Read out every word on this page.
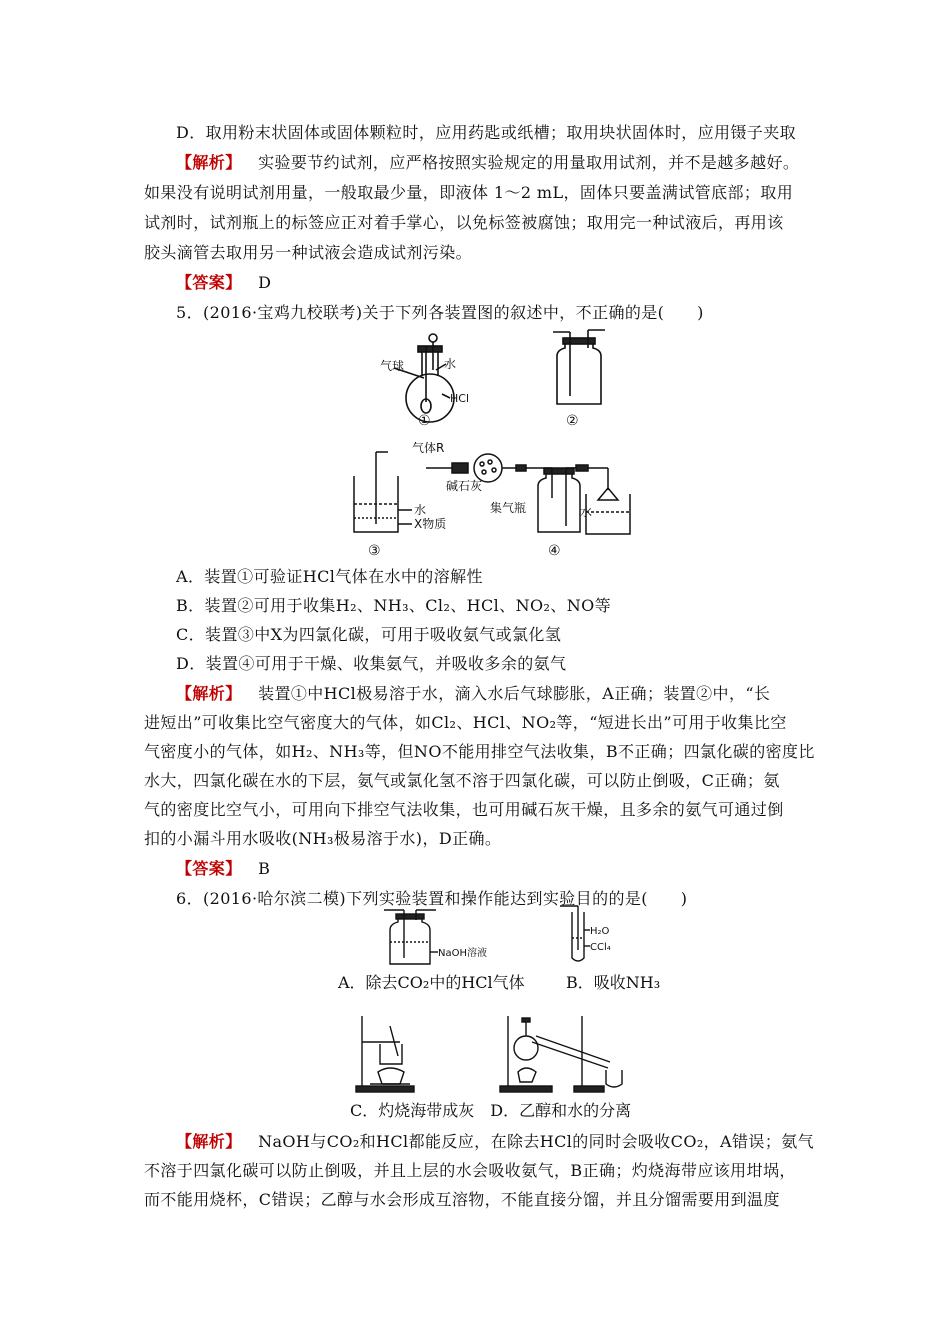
D．取用粉末状固体或固体颗粒时，应用药匙或纸槽；取用块状固体时，应用镊子夹取
【解析】 实验要节约试剂，应严格按照实验规定的用量取用试剂，并不是越多越好。
如果没有说明试剂用量，一般取最少量，即液体 1～2 mL，固体只要盖满试管底部；取用
试剂时，试剂瓶上的标签应正对着手掌心，以免标签被腐蚀；取用完一种试液后，再用该
胶头滴管去取用另一种试液会造成试剂污染。
【答案】 D
5．(2016·宝鸡九校联考)关于下列各装置图的叙述中，不正确的是(　　)
气球	水
HCl
①	②
水
X物质
气体R
碱石灰
集气瓶	水
③	④
A．装置①可验证HCl气体在水中的溶解性
B．装置②可用于收集H₂、NH₃、Cl₂、HCl、NO₂、NO等
C．装置③中X为四氯化碳，可用于吸收氨气或氯化氢
D．装置④可用于干燥、收集氨气，并吸收多余的氨气
【解析】 装置①中HCl极易溶于水，滴入水后气球膨胀，A正确；装置②中，“长
进短出”可收集比空气密度大的气体，如Cl₂、HCl、NO₂等，“短进长出”可用于收集比空
气密度小的气体，如H₂、NH₃等，但NO不能用排空气法收集，B不正确；四氯化碳的密度比
水大，四氯化碳在水的下层，氨气或氯化氢不溶于四氯化碳，可以防止倒吸，C正确；氨
气的密度比空气小，可用向下排空气法收集，也可用碱石灰干燥，且多余的氨气可通过倒
扣的小漏斗用水吸收(NH₃极易溶于水)，D正确。
【答案】 B
6．(2016·哈尔滨二模)下列实验装置和操作能达到实验目的的是(　　)
NaOH溶液
A．除去CO₂中的HCl气体
H₂O
CCl₄
B．吸收NH₃
C．灼烧海带成灰　D．乙醇和水的分离
【解析】 NaOH与CO₂和HCl都能反应，在除去HCl的同时会吸收CO₂，A错误；氨气
不溶于四氯化碳可以防止倒吸，并且上层的水会吸收氨气，B正确；灼烧海带应该用坩埚，
而不能用烧杯，C错误；乙醇与水会形成互溶物，不能直接分馏，并且分馏需要用到温度
